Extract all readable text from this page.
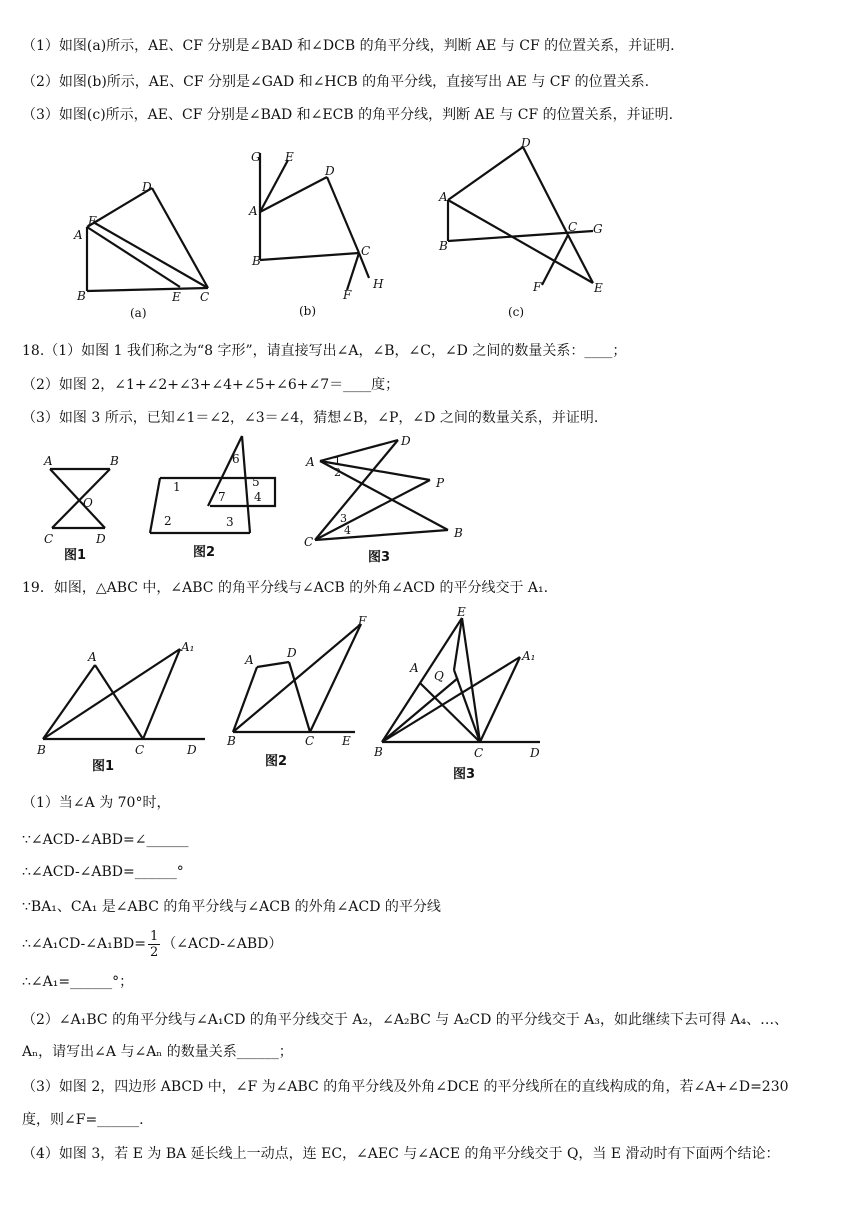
（1）如图(a)所示，AE、CF 分别是∠BAD 和∠DCB 的角平分线，判断 AE 与 CF 的位置关系，并证明.
（2）如图(b)所示，AE、CF 分别是∠GAD 和∠HCB 的角平分线，直接写出 AE 与 CF 的位置关系.
（3）如图(c)所示，AE、CF 分别是∠BAD 和∠ECB 的角平分线，判断 AE 与 CF 的位置关系，并证明.
D
F
A
B	E C
(a)
G E
D
A
B
C
H
F
(b)
D
A
B
C G
F	E
(c)
18.（1）如图 1 我们称之为“8 字形”，请直接写出∠A，∠B，∠C，∠D 之间的数量关系：____；
（2）如图 2，∠1+∠2+∠3+∠4+∠5+∠6+∠7＝____度；
（3）如图 3 所示，已知∠1＝∠2，∠3＝∠4，猜想∠B，∠P，∠D 之间的数量关系，并证明.
A	B
O
C	D
图1
1
2	3
4
5
6
7
图2
A
D
P
B
C
1
2
3
4
图3
19．如图，△ABC 中，∠ABC 的角平分线与∠ACB 的外角∠ACD 的平分线交于 A₁.
A
A₁
B	C	D
图1
A	D
F
B	C E
图2
E
A
Q
A₁
B	C	D
图3
（1）当∠A 为 70°时，
∵∠ACD-∠ABD=∠______
∴∠ACD-∠ABD=______°
∵BA₁、CA₁ 是∠ABC 的角平分线与∠ACB 的外角∠ACD 的平分线
∴∠A₁CD-∠A₁BD= $\frac{1}{2}$ （∠ACD-∠ABD）
∴∠A₁=______°；
（2）∠A₁BC 的角平分线与∠A₁CD 的角平分线交于 A₂，∠A₂BC 与 A₂CD 的平分线交于 A₃，如此继续下去可得 A₄、…、
Aₙ，请写出∠A 与∠Aₙ 的数量关系______；
（3）如图 2，四边形 ABCD 中，∠F 为∠ABC 的角平分线及外角∠DCE 的平分线所在的直线构成的角，若∠A+∠D=230
度，则∠F=______.
（4）如图 3，若 E 为 BA 延长线上一动点，连 EC，∠AEC 与∠ACE 的角平分线交于 Q，当 E 滑动时有下面两个结论：
